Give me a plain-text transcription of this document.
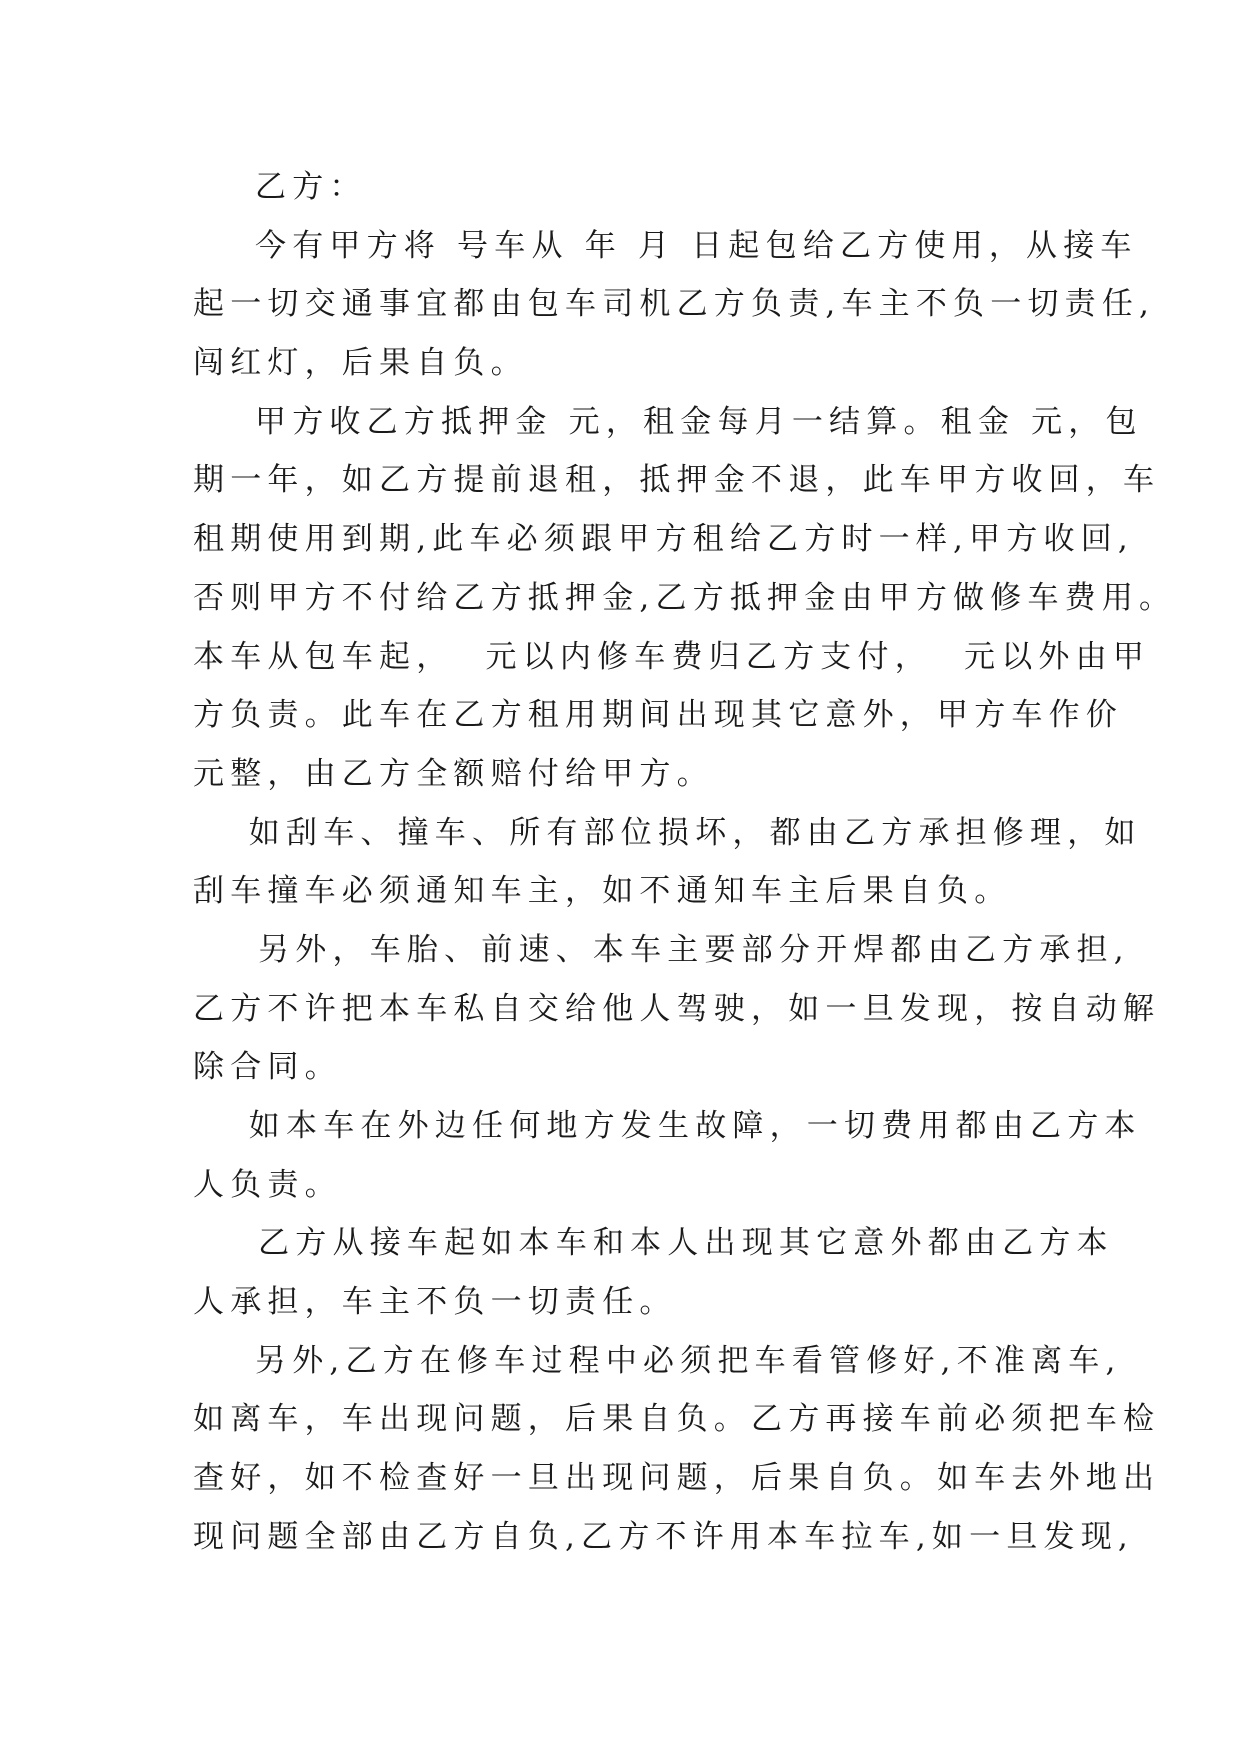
乙方：
今有甲方将 号车从 年 月 日起包给乙方使用，从接车
起一切交通事宜都由包车司机乙方负责,车主不负一切责任,
闯红灯，后果自负。
甲方收乙方抵押金 元，租金每月一结算。租金 元，包
期一年，如乙方提前退租，抵押金不退，此车甲方收回，车
租期使用到期,此车必须跟甲方租给乙方时一样,甲方收回,
否则甲方不付给乙方抵押金,乙方抵押金由甲方做修车费用。
本车从包车起，  元以内修车费归乙方支付，  元以外由甲
方负责。此车在乙方租用期间出现其它意外，甲方车作价
元整，由乙方全额赔付给甲方。
如刮车、撞车、所有部位损坏，都由乙方承担修理，如
刮车撞车必须通知车主，如不通知车主后果自负。
另外，车胎、前速、本车主要部分开焊都由乙方承担,
乙方不许把本车私自交给他人驾驶，如一旦发现，按自动解
除合同。
如本车在外边任何地方发生故障，一切费用都由乙方本
人负责。
乙方从接车起如本车和本人出现其它意外都由乙方本
人承担，车主不负一切责任。
另外,乙方在修车过程中必须把车看管修好,不准离车,
如离车，车出现问题，后果自负。乙方再接车前必须把车检
查好，如不检查好一旦出现问题，后果自负。如车去外地出
现问题全部由乙方自负,乙方不许用本车拉车,如一旦发现,
